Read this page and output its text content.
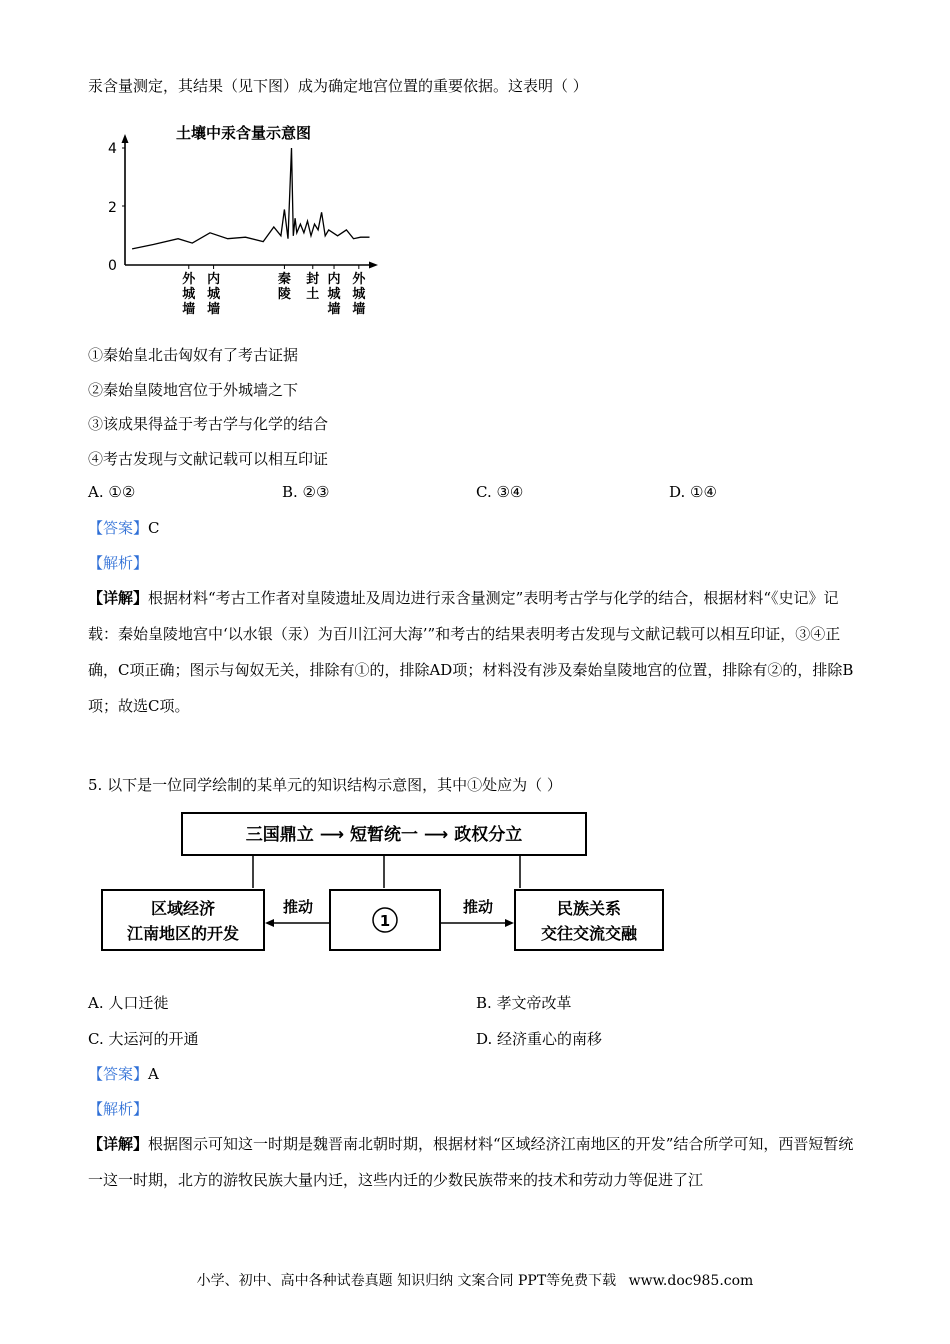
汞含量测定，其结果（见下图）成为确定地宫位置的重要依据。这表明（ ）
土壤中汞含量示意图
4
2
0
外城墙
内城墙
秦陵
封土
内城墙
外城墙
①秦始皇北击匈奴有了考古证据
②秦始皇陵地宫位于外城墙之下
③该成果得益于考古学与化学的结合
④考古发现与文献记载可以相互印证
A. ①②	B. ②③	C. ③④	D. ①④
【答案】C
【解析】
【详解】根据材料“考古工作者对皇陵遗址及周边进行汞含量测定”表明考古学与化学的结合，根据材料“《史记》记载：秦始皇陵地宫中‘以水银（汞）为百川江河大海’”和考古的结果表明考古发现与文献记载可以相互印证，③④正确，C项正确；图示与匈奴无关，排除有①的，排除AD项；材料没有涉及秦始皇陵地宫的位置，排除有②的，排除B项；故选C项。
5. 以下是一位同学绘制的某单元的知识结构示意图，其中①处应为（ ）
三国鼎立 ⟶ 短暂统一 ⟶ 政权分立
区域经济
江南地区的开发
1
推动	推动	民族关系
交往交流交融
A. 人口迁徙	B. 孝文帝改革
C. 大运河的开通	D. 经济重心的南移
【答案】A
【解析】
【详解】根据图示可知这一时期是魏晋南北朝时期，根据材料“区域经济江南地区的开发”结合所学可知，西晋短暂统一这一时期，北方的游牧民族大量内迁，这些内迁的少数民族带来的技术和劳动力等促进了江
小学、初中、高中各种试卷真题 知识归纳 文案合同 PPT等免费下载 www.doc985.com
